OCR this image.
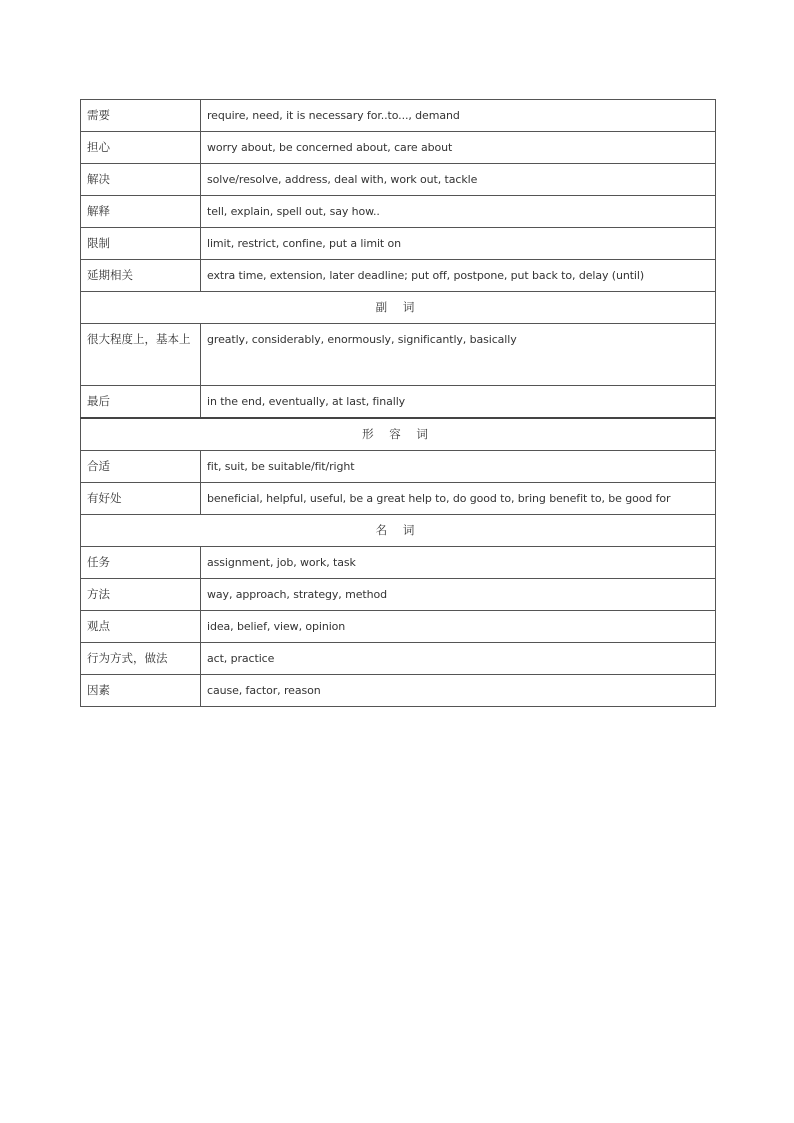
需要	require, need, it is necessary for..to..., demand
担心	worry about, be concerned about, care about
解决	solve/resolve, address, deal with, work out, tackle
解释	tell, explain, spell out, say how..
限制	limit, restrict, confine, put a limit on
延期相关	extra time, extension, later deadline; put off, postpone, put back to, delay (until)
副 词	
很大程度上，基本上	greatly, considerably, enormously, significantly, basically
最后	in the end, eventually, at last, finally
形 容 词	
合适	fit, suit, be suitable/fit/right
有好处	beneficial, helpful, useful, be a great help to, do good to, bring benefit to, be good for
名 词	
任务	assignment, job, work, task
方法	way, approach, strategy, method
观点	idea, belief, view, opinion
行为方式，做法	act, practice
因素	cause, factor, reason
